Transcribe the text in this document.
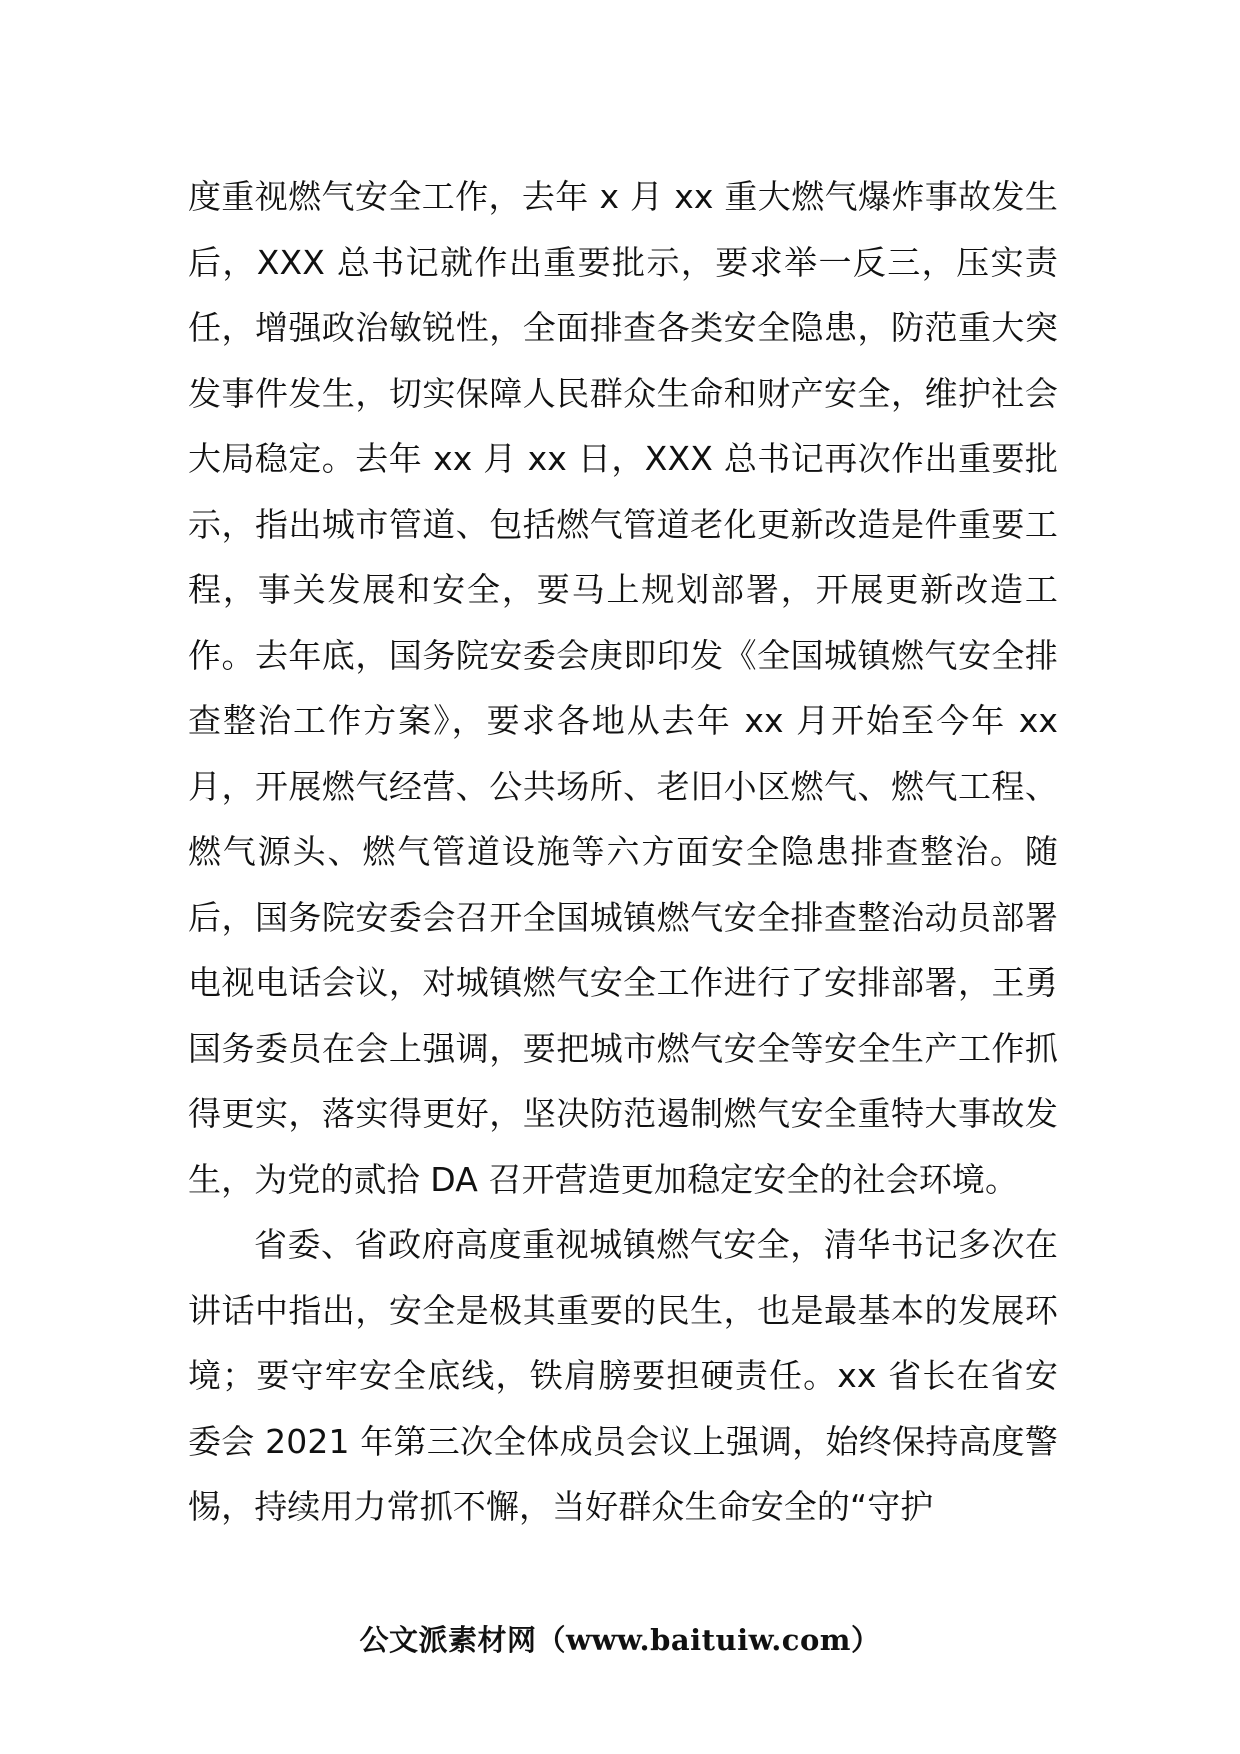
度重视燃气安全工作，去年 x 月 xx 重大燃气爆炸事故发生后，XXX 总书记就作出重要批示，要求举一反三，压实责任，增强政治敏锐性，全面排查各类安全隐患，防范重大突发事件发生，切实保障人民群众生命和财产安全，维护社会大局稳定。去年 xx 月 xx 日，XXX 总书记再次作出重要批示，指出城市管道、包括燃气管道老化更新改造是件重要工程，事关发展和安全，要马上规划部署，开展更新改造工作。去年底，国务院安委会庚即印发《全国城镇燃气安全排查整治工作方案》，要求各地从去年 xx 月开始至今年 xx 月，开展燃气经营、公共场所、老旧小区燃气、燃气工程、燃气源头、燃气管道设施等六方面安全隐患排查整治。随后，国务院安委会召开全国城镇燃气安全排查整治动员部署电视电话会议，对城镇燃气安全工作进行了安排部署，王勇国务委员在会上强调，要把城市燃气安全等安全生产工作抓得更实，落实得更好，坚决防范遏制燃气安全重特大事故发生，为党的贰拾 DA 召开营造更加稳定安全的社会环境。

省委、省政府高度重视城镇燃气安全，清华书记多次在讲话中指出，安全是极其重要的民生，也是最基本的发展环境；要守牢安全底线，铁肩膀要担硬责任。xx 省长在省安委会 2021 年第三次全体成员会议上强调，始终保持高度警惕，持续用力常抓不懈，当好群众生命安全的“守护

公文派素材网（www.baituiw.com）
